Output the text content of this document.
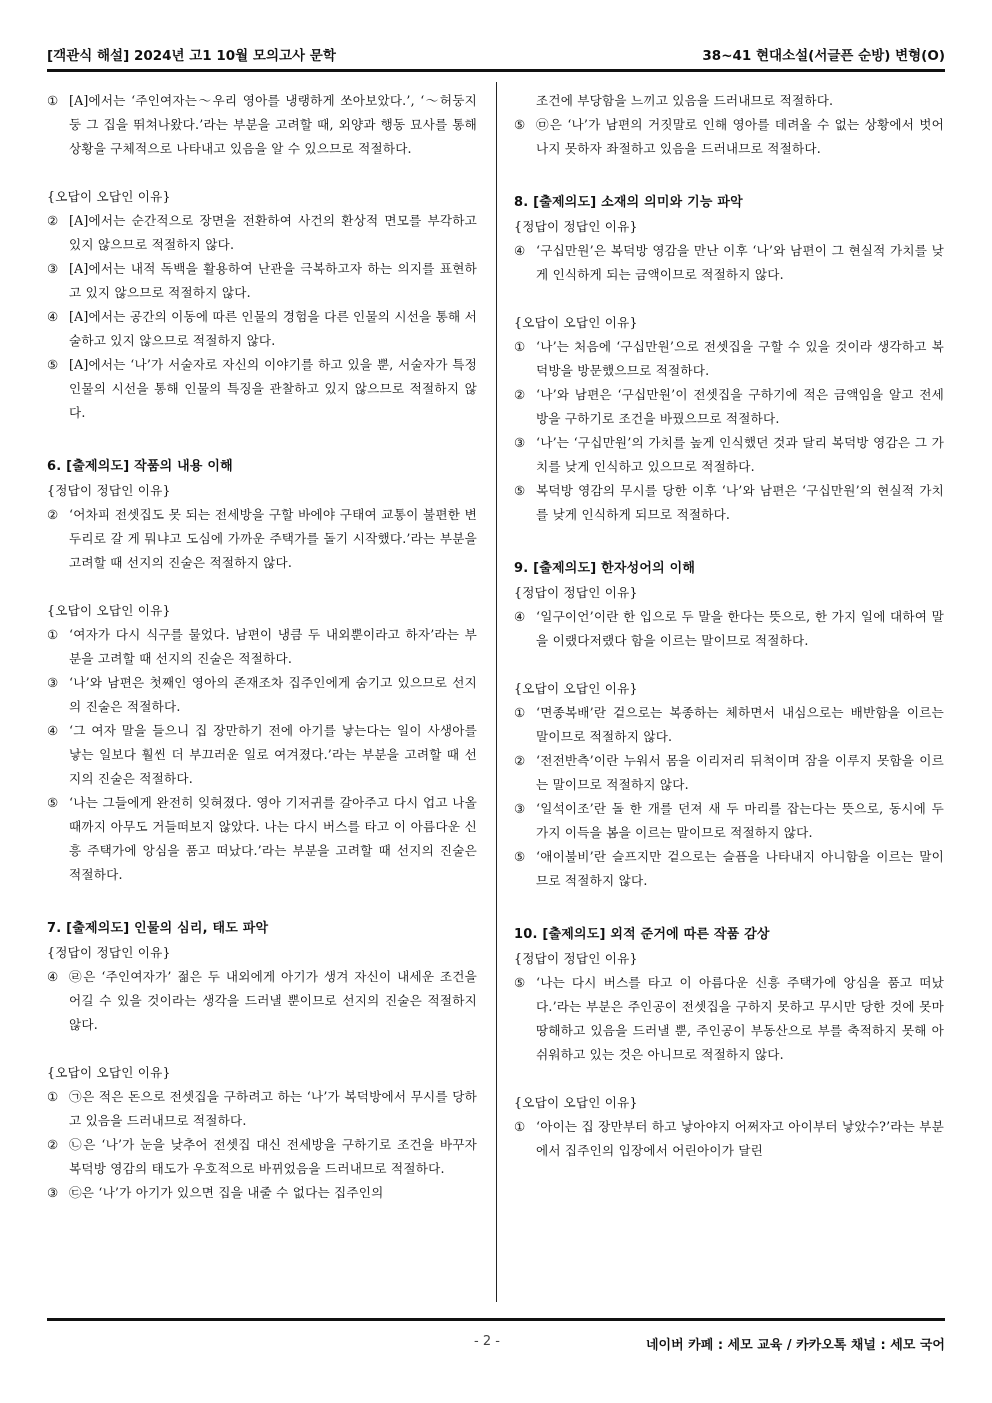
[객관식 해설] 2024년 고1 10월 모의고사 문학	38~41 현대소설(서글픈 순방) 변형(O)
① [A]에서는 ‘주인여자는～우리 영아를 냉랭하게 쏘아보았다.’, ‘～허둥지둥 그 집을 뛰쳐나왔다.’라는 부분을 고려할 때, 외양과 행동 묘사를 통해 상황을 구체적으로 나타내고 있음을 알 수 있으므로 적절하다.
{오답이 오답인 이유}
② [A]에서는 순간적으로 장면을 전환하여 사건의 환상적 면모를 부각하고 있지 않으므로 적절하지 않다.
③ [A]에서는 내적 독백을 활용하여 난관을 극복하고자 하는 의지를 표현하고 있지 않으므로 적절하지 않다.
④ [A]에서는 공간의 이동에 따른 인물의 경험을 다른 인물의 시선을 통해 서술하고 있지 않으므로 적절하지 않다.
⑤ [A]에서는 ‘나’가 서술자로 자신의 이야기를 하고 있을 뿐, 서술자가 특정 인물의 시선을 통해 인물의 특징을 관찰하고 있지 않으므로 적절하지 않다.
6. [출제의도] 작품의 내용 이해
{정답이 정답인 이유}
② ‘어차피 전셋집도 못 되는 전세방을 구할 바에야 구태여 교통이 불편한 변두리로 갈 게 뭐냐고 도심에 가까운 주택가를 돌기 시작했다.’라는 부분을 고려할 때 선지의 진술은 적절하지 않다.
{오답이 오답인 이유}
① ‘여자가 다시 식구를 물었다. 남편이 냉큼 두 내외뿐이라고 하자’라는 부분을 고려할 때 선지의 진술은 적절하다.
③ ‘나’와 남편은 첫째인 영아의 존재조차 집주인에게 숨기고 있으므로 선지의 진술은 적절하다.
④ ‘그 여자 말을 들으니 집 장만하기 전에 아기를 낳는다는 일이 사생아를 낳는 일보다 훨씬 더 부끄러운 일로 여겨졌다.’라는 부분을 고려할 때 선지의 진술은 적절하다.
⑤ ‘나는 그들에게 완전히 잊혀졌다. 영아 기저귀를 갈아주고 다시 업고 나올 때까지 아무도 거들떠보지 않았다. 나는 다시 버스를 타고 이 아름다운 신흥 주택가에 앙심을 품고 떠났다.’라는 부분을 고려할 때 선지의 진술은 적절하다.
7. [출제의도] 인물의 심리, 태도 파악
{정답이 정답인 이유}
④ ㉣은 ‘주인여자가’ 젊은 두 내외에게 아기가 생겨 자신이 내세운 조건을 어길 수 있을 것이라는 생각을 드러낼 뿐이므로 선지의 진술은 적절하지 않다.
{오답이 오답인 이유}
① ㉠은 적은 돈으로 전셋집을 구하려고 하는 ‘나’가 복덕방에서 무시를 당하고 있음을 드러내므로 적절하다.
② ㉡은 ‘나’가 눈을 낮추어 전셋집 대신 전세방을 구하기로 조건을 바꾸자 복덕방 영감의 태도가 우호적으로 바뀌었음을 드러내므로 적절하다.
③ ㉢은 ‘나’가 아기가 있으면 집을 내줄 수 없다는 집주인의
조건에 부당함을 느끼고 있음을 드러내므로 적절하다.
⑤ ㉤은 ‘나’가 남편의 거짓말로 인해 영아를 데려올 수 없는 상황에서 벗어나지 못하자 좌절하고 있음을 드러내므로 적절하다.
8. [출제의도] 소재의 의미와 기능 파악
{정답이 정답인 이유}
④ ‘구십만원’은 복덕방 영감을 만난 이후 ‘나’와 남편이 그 현실적 가치를 낮게 인식하게 되는 금액이므로 적절하지 않다.
{오답이 오답인 이유}
① ‘나’는 처음에 ‘구십만원’으로 전셋집을 구할 수 있을 것이라 생각하고 복덕방을 방문했으므로 적절하다.
② ‘나’와 남편은 ‘구십만원’이 전셋집을 구하기에 적은 금액임을 알고 전세방을 구하기로 조건을 바꿨으므로 적절하다.
③ ‘나’는 ‘구십만원’의 가치를 높게 인식했던 것과 달리 복덕방 영감은 그 가치를 낮게 인식하고 있으므로 적절하다.
⑤ 복덕방 영감의 무시를 당한 이후 ‘나’와 남편은 ‘구십만원’의 현실적 가치를 낮게 인식하게 되므로 적절하다.
9. [출제의도] 한자성어의 이해
{정답이 정답인 이유}
④ ‘일구이언’이란 한 입으로 두 말을 한다는 뜻으로, 한 가지 일에 대하여 말을 이랬다저랬다 함을 이르는 말이므로 적절하다.
{오답이 오답인 이유}
① ‘면종복배’란 겉으로는 복종하는 체하면서 내심으로는 배반함을 이르는 말이므로 적절하지 않다.
② ‘전전반측’이란 누워서 몸을 이리저리 뒤척이며 잠을 이루지 못함을 이르는 말이므로 적절하지 않다.
③ ‘일석이조’란 돌 한 개를 던져 새 두 마리를 잡는다는 뜻으로, 동시에 두 가지 이득을 봄을 이르는 말이므로 적절하지 않다.
⑤ ‘애이불비’란 슬프지만 겉으로는 슬픔을 나타내지 아니함을 이르는 말이므로 적절하지 않다.
10. [출제의도] 외적 준거에 따른 작품 감상
{정답이 정답인 이유}
⑤ ‘나는 다시 버스를 타고 이 아름다운 신흥 주택가에 앙심을 품고 떠났다.’라는 부분은 주인공이 전셋집을 구하지 못하고 무시만 당한 것에 못마땅해하고 있음을 드러낼 뿐, 주인공이 부동산으로 부를 축적하지 못해 아쉬워하고 있는 것은 아니므로 적절하지 않다.
{오답이 오답인 이유}
① ‘아이는 집 장만부터 하고 낳아야지 어쩌자고 아이부터 낳았수?’라는 부분에서 집주인의 입장에서 어린아이가 달린
- 2 -	네이버 카페 : 세모 교육 / 카카오톡 채널 : 세모 국어
